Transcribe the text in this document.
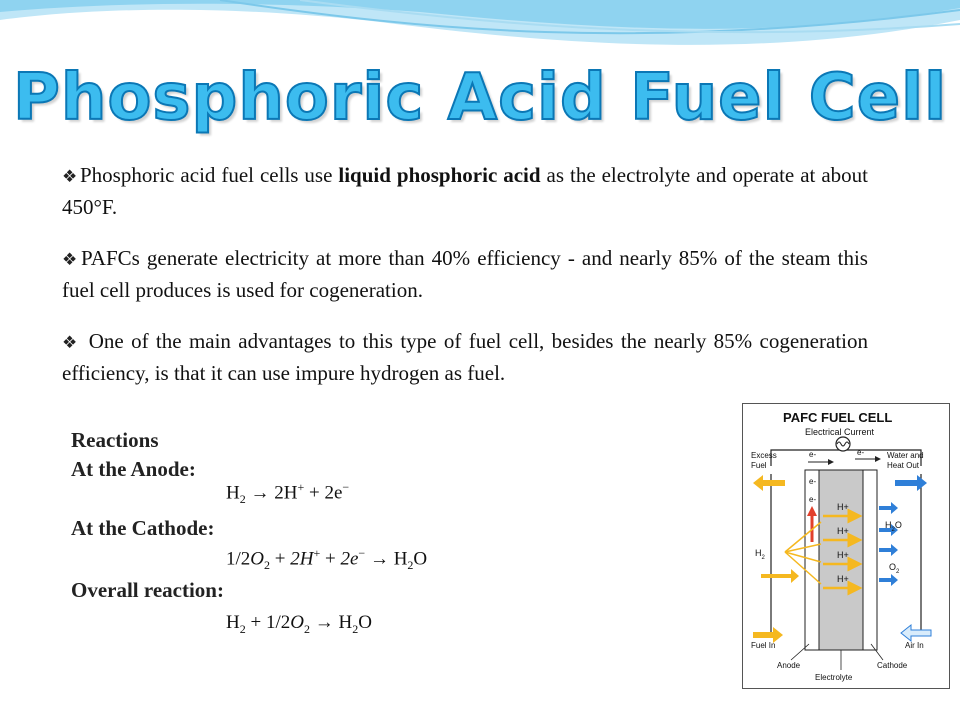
Phosphoric Acid Fuel Cell

❖Phosphoric acid fuel cells use liquid phosphoric acid as the electrolyte and operate at about 450°F.

❖PAFCs generate electricity at more than 40% efficiency - and nearly 85% of the steam this fuel cell produces is used for cogeneration.

❖ One of the main advantages to this type of fuel cell, besides the nearly 85% cogeneration efficiency, is that it can use impure hydrogen as fuel.

Reactions
At the Anode:
$H_2 \to 2H^+ + 2e^-$
At the Cathode:
$1/2O_2 + 2H^+ + 2e^- \to H_2O$
Overall reaction:
$H_2 + 1/2O_2 \to H_2O$
PAFC FUEL CELL
Electrical Current
e-	e-
Excess
Fuel
Water and
Heat Out
e-
e-
H+
H+
H+
H+
$H_2$
$H_2O$
$O_2$
Fuel In	Air In
Anode
Electrolyte
Cathode
